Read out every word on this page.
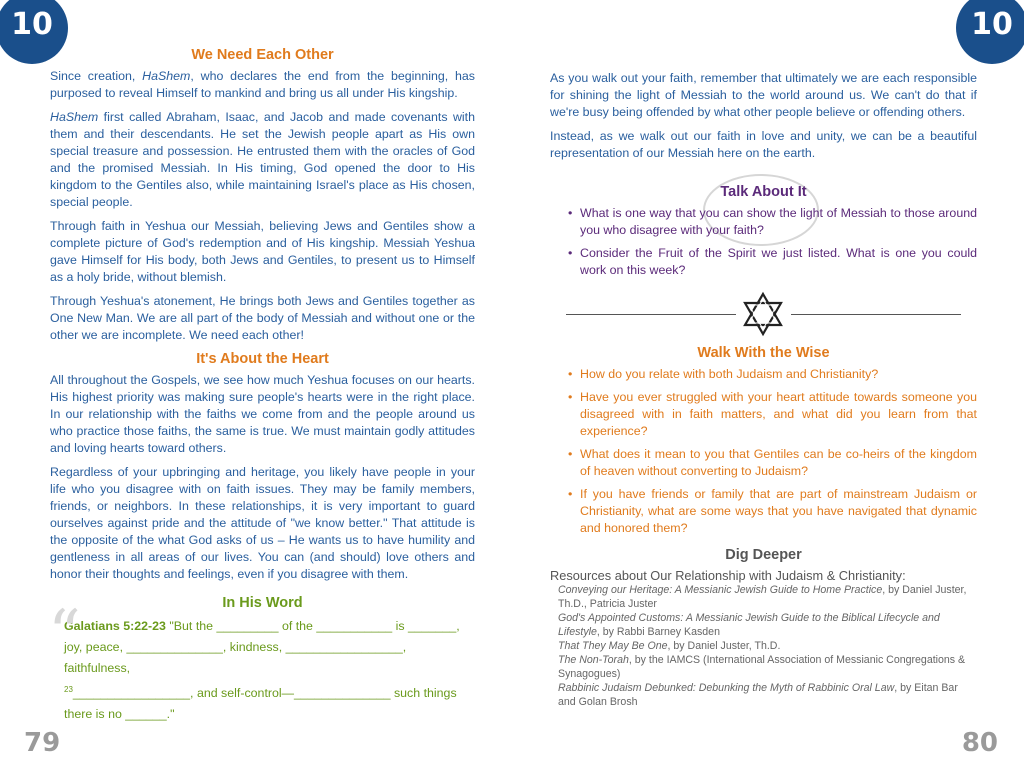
10	10
We Need Each Other

Since creation, HaShem, who declares the end from the beginning, has purposed to reveal Himself to mankind and bring us all under His kingship.

HaShem first called Abraham, Isaac, and Jacob and made covenants with them and their descendants. He set the Jewish people apart as His own special treasure and possession. He entrusted them with the oracles of God and the promised Messiah. In His timing, God opened the door to His kingdom to the Gentiles also, while maintaining Israel's place as His chosen, special people.

Through faith in Yeshua our Messiah, believing Jews and Gentiles show a complete picture of God's redemption and of His kingship. Messiah Yeshua gave Himself for His body, both Jews and Gentiles, to present us to Himself as a holy bride, without blemish.

Through Yeshua's atonement, He brings both Jews and Gentiles together as One New Man. We are all part of the body of Messiah and without one or the other we are incomplete. We need each other!

It's About the Heart

All throughout the Gospels, we see how much Yeshua focuses on our hearts. His highest priority was making sure people's hearts were in the right place. In our relationship with the faiths we come from and the people around us who practice those faiths, the same is true. We must maintain godly attitudes and loving hearts toward others.

Regardless of your upbringing and heritage, you likely have people in your life who you disagree with on faith issues. They may be family members, friends, or neighbors. In these relationships, it is very important to guard ourselves against pride and the attitude of "we know better." That attitude is the opposite of the what God asks of us – He wants us to have humility and gentleness in all areas of our lives. You can (and should) love others and honor their thoughts and feelings, even if you disagree with them.

In His Word
“
Galatians 5:22-23 "But the _________ of the ___________ is _______,
joy, peace, ______________, kindness, _________________, faithfulness,
$^{23}$_________________, and self-control—______________ such things
there is no ______."

As you walk out your faith, remember that ultimately we are each responsible for shining the light of Messiah to the world around us. We can't do that if we're busy being offended by what other people believe or offending others.

Instead, as we walk out our faith in love and unity, we can be a beautiful representation of our Messiah here on the earth.

Talk About It
• What is one way that you can show the light of Messiah to those around you who disagree with your faith?
• Consider the Fruit of the Spirit we just listed. What is one you could work on this week?
Walk With the Wise
• How do you relate with both Judaism and Christianity?
• Have you ever struggled with your heart attitude towards someone you disagreed with in faith matters, and what did you learn from that experience?
• What does it mean to you that Gentiles can be co-heirs of the kingdom of heaven without converting to Judaism?
• If you have friends or family that are part of mainstream Judaism or Christianity, what are some ways that you have navigated that dynamic and honored them?
Dig Deeper
Resources about Our Relationship with Judaism & Christianity:
Conveying our Heritage: A Messianic Jewish Guide to Home Practice, by Daniel Juster, Th.D., Patricia Juster
God's Appointed Customs: A Messianic Jewish Guide to the Biblical Lifecycle and Lifestyle, by Rabbi Barney Kasden
That They May Be One, by Daniel Juster, Th.D.
The Non-Torah, by the IAMCS (International Association of Messianic Congregations & Synagogues)
Rabbinic Judaism Debunked: Debunking the Myth of Rabbinic Oral Law, by Eitan Bar and Golan Brosh
79	80
